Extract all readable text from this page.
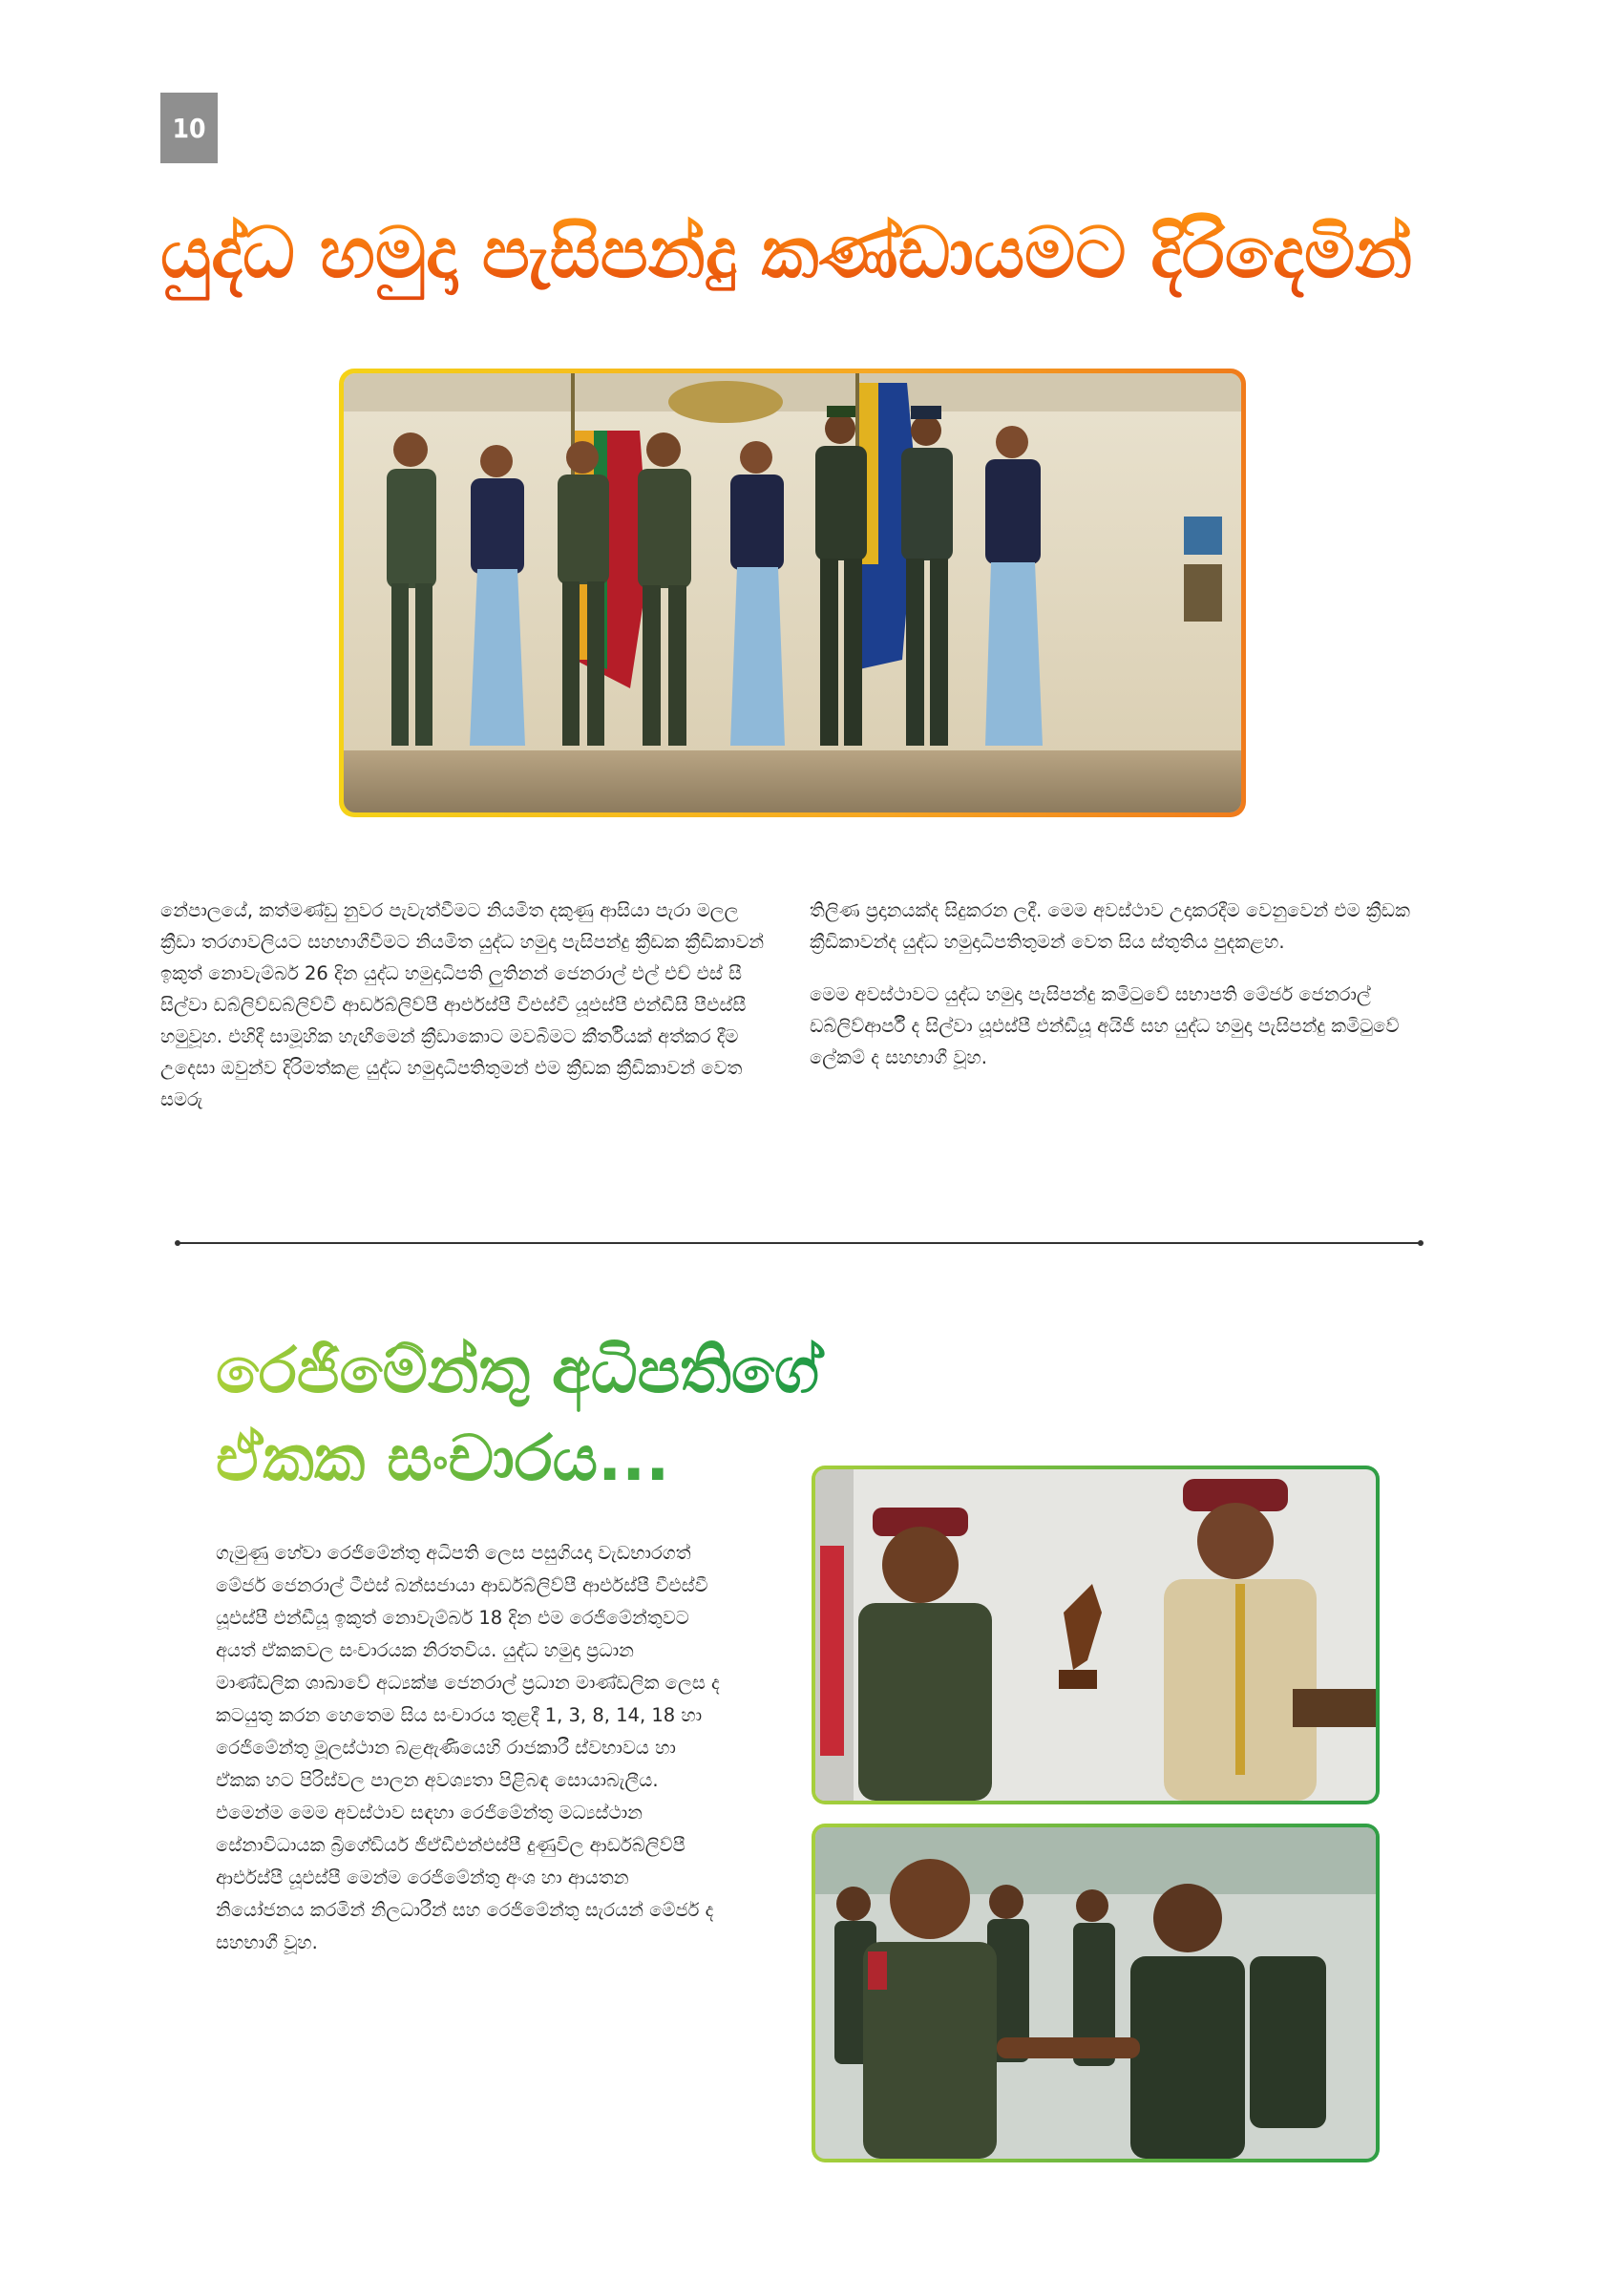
10
යුද්ධ හමුදා පැසිපන්දු කණ්ඩායමට දිරිදෙමින්

නේපාලයේ, කත්මණ්ඩු නුවර පැවැත්වීමට නියමිත දකුණු ආසියා පැරා මලල ක්‍රීඩා තරගාවලියට සහභාගීවීමට නියමිත යුද්ධ හමුදා පැසිපන්දු ක්‍රීඩක ක්‍රීඩිකාවන් ඉකුත් නොවැම්බර් 26 දින යුද්ධ හමුදාධිපති ලුතිනන් ජෙනරාල් එල් එච් එස් සී සිල්වා ඩබ්ලිව්ඩබ්ලිව්වී ආර්ඩබ්ලිව්පී ආර්එස්පී වීඑස්වී යූඑස්පී එන්ඩීසී පීඑස්සී හමුවූහ. එහිදී සාමූහික හැඟීමෙන් ක්‍රීඩාකොට මවබිමට කීර්තියක් අත්කර දීම උදෙසා ඔවුන්ව දිරිමත්කළ යුද්ධ හමුදාධිපතිතුමන් එම ක්‍රීඩක ක්‍රීඩිකාවන් වෙත සමරු

තිලිණ ප්‍රදානයක්ද සිදුකරන ලදී. මෙම අවස්ථාව උදාකරදීම වෙනුවෙන් එම ක්‍රීඩක ක්‍රීඩිකාවන්ද යුද්ධ හමුදාධිපතිතුමන් වෙත සිය ස්තුතිය පුදකළහ.

මෙම අවස්ථාවට යුද්ධ හමුදා පැසිපන්දු කමිටුවේ සභාපති මේජර් ජෙනරාල් ඩබ්ලිව්ආර්පී ද සිල්වා යූඑස්පී එන්ඩීයූ අයිජී සහ යුද්ධ හමුදා පැසිපන්දු කමිටුවේ ලේකම් ද සහභාගී වූහ.

රෙජිමේන්තු අධිපතිගේ
ඒකක සංචාරය...

ගැමුණු හේවා රෙජිමේන්තු අධිපති ලෙස පසුගියදා වැඩභාරගත් මේජර් ජෙනරාල් ටීඑස් බන්සජායා ආර්ඩබ්ලිව්පී ආර්එස්පී වීඑස්වී යූඑස්පී එන්ඩීයූ ඉකුත් නොවැම්බර් 18 දින එම රෙජිමේන්තුවට අයත් ඒකකවල සංචාරයක නිරතවිය. යුද්ධ හමුදා ප්‍රධාන මාණ්ඩලික ශාඛාවේ අධ්‍යක්ෂ ජෙනරාල් ප්‍රධාන මාණ්ඩලික ලෙස ද කටයුතු කරන හෙතෙම සිය සංචාරය තුළදී 1, 3, 8, 14, 18 හා රෙජිමේන්තු මූලස්ථාන බළඇණියෙහි රාජකාරී ස්වභාවය හා ඒකක හට පිරිස්වල පාලන අවශ්‍යතා පිළිබඳ සොයාබැලීය. එමෙන්ම මෙම අවස්ථාව සඳහා රෙජිමේන්තු මධ්‍යස්ථාන සේනාවිධායක බ්‍රිගේඩියර් ජීඒඩීඑන්එස්පී දුණුවිල ආර්ඩබ්ලිව්පී ආර්එස්පී යූඑස්පී මෙන්ම රෙජිමේන්තු අංශ හා ආයතන නියෝජනය කරමින් නිලධාරීන් සහ රෙජිමේන්තු සැරයන් මේජර් ද සහභාගී වූහ.
